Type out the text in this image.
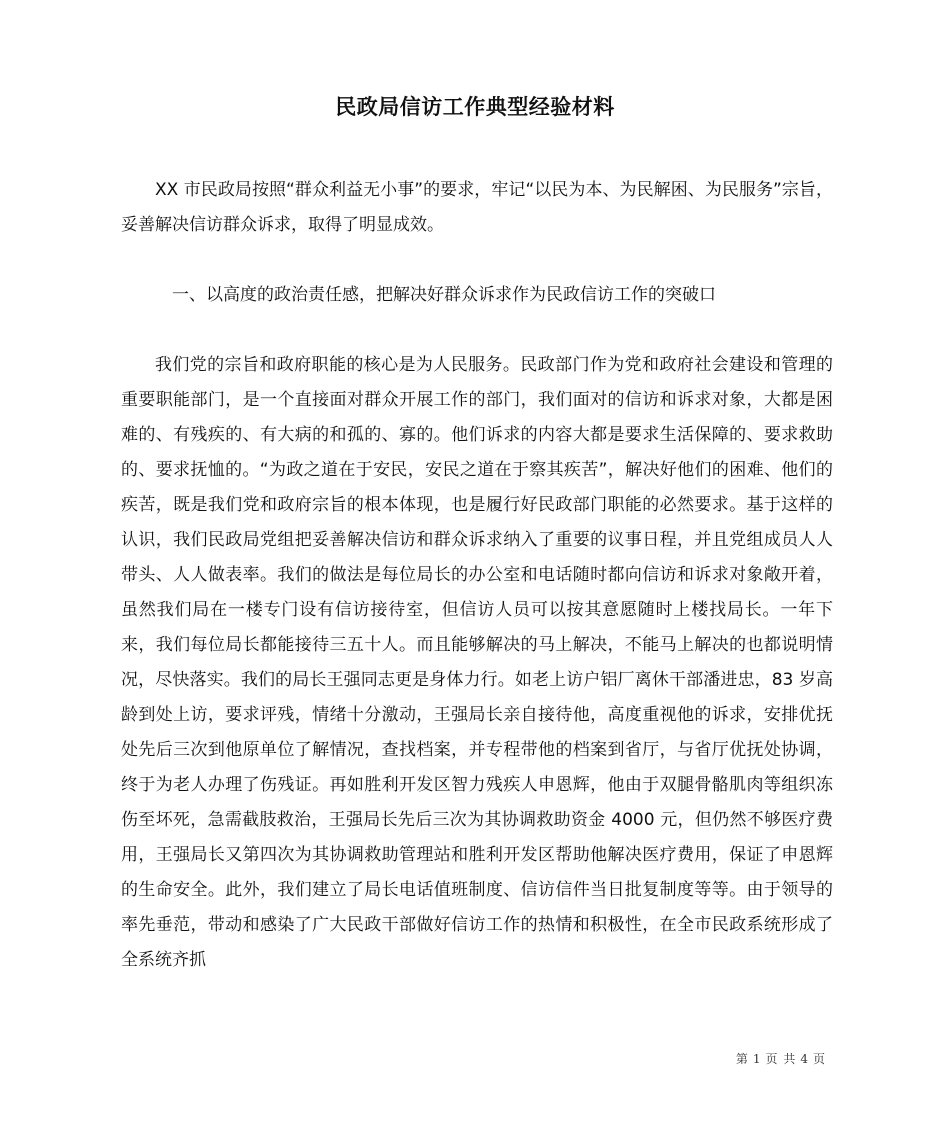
民政局信访工作典型经验材料

XX 市民政局按照“群众利益无小事”的要求，牢记“以民为本、为民解困、为民服务”宗旨，妥善解决信访群众诉求，取得了明显成效。

一、以高度的政治责任感，把解决好群众诉求作为民政信访工作的突破口

我们党的宗旨和政府职能的核心是为人民服务。民政部门作为党和政府社会建设和管理的重要职能部门，是一个直接面对群众开展工作的部门，我们面对的信访和诉求对象，大都是困难的、有残疾的、有大病的和孤的、寡的。他们诉求的内容大都是要求生活保障的、要求救助的、要求抚恤的。“为政之道在于安民，安民之道在于察其疾苦”，解决好他们的困难、他们的疾苦，既是我们党和政府宗旨的根本体现，也是履行好民政部门职能的必然要求。基于这样的认识，我们民政局党组把妥善解决信访和群众诉求纳入了重要的议事日程，并且党组成员人人带头、人人做表率。我们的做法是每位局长的办公室和电话随时都向信访和诉求对象敞开着，虽然我们局在一楼专门设有信访接待室，但信访人员可以按其意愿随时上楼找局长。一年下来，我们每位局长都能接待三五十人。而且能够解决的马上解决，不能马上解决的也都说明情况，尽快落实。我们的局长王强同志更是身体力行。如老上访户铝厂离休干部潘进忠，83 岁高龄到处上访，要求评残，情绪十分激动，王强局长亲自接待他，高度重视他的诉求，安排优抚处先后三次到他原单位了解情况，查找档案，并专程带他的档案到省厅，与省厅优抚处协调，终于为老人办理了伤残证。再如胜利开发区智力残疾人申恩辉，他由于双腿骨骼肌肉等组织冻伤至坏死，急需截肢救治，王强局长先后三次为其协调救助资金 4000 元，但仍然不够医疗费用，王强局长又第四次为其协调救助管理站和胜利开发区帮助他解决医疗费用，保证了申恩辉的生命安全。此外，我们建立了局长电话值班制度、信访信件当日批复制度等等。由于领导的率先垂范，带动和感染了广大民政干部做好信访工作的热情和积极性，在全市民政系统形成了全系统齐抓

第 1 页 共 4 页
